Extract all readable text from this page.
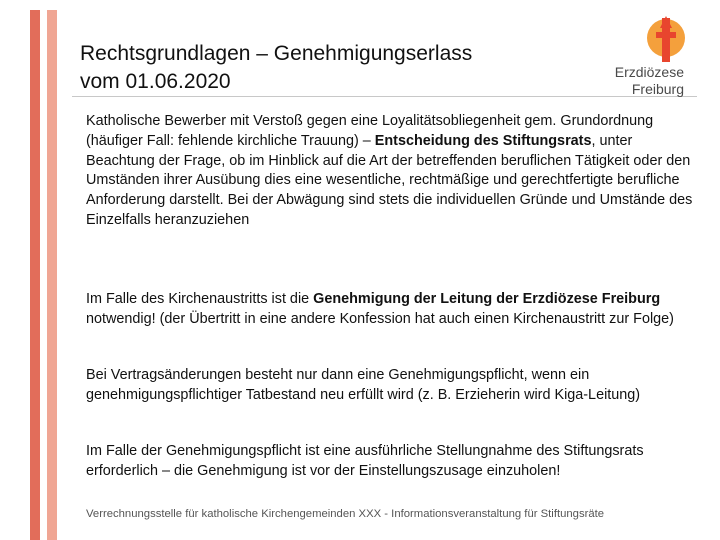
Rechtsgrundlagen – Genehmigungserlass
vom 01.06.2020	Erzdiözese
Freiburg

Katholische Bewerber mit Verstoß gegen eine Loyalitätsobliegenheit gem. Grundordnung (häufiger Fall: fehlende kirchliche Trauung) – Entscheidung des Stiftungsrats, unter Beachtung der Frage, ob im Hinblick auf die Art der betreffenden beruflichen Tätigkeit oder den Umständen ihrer Ausübung dies eine wesentliche, rechtmäßige und gerechtfertigte berufliche Anforderung darstellt. Bei der Abwägung sind stets die individuellen Gründe und Umstände des Einzelfalls heranzuziehen

Im Falle des Kirchenaustritts ist die Genehmigung der Leitung der Erzdiözese Freiburg notwendig! (der Übertritt in eine andere Konfession hat auch einen Kirchenaustritt zur Folge)

Bei Vertragsänderungen besteht nur dann eine Genehmigungspflicht, wenn ein genehmigungspflichtiger Tatbestand neu erfüllt wird (z. B. Erzieherin wird Kiga-Leitung)

Im Falle der Genehmigungspflicht ist eine ausführliche Stellungnahme des Stiftungsrats erforderlich – die Genehmigung ist vor der Einstellungszusage einzuholen!

Verrechnungsstelle für katholische Kirchengemeinden XXX - Informationsveranstaltung für Stiftungsräte
